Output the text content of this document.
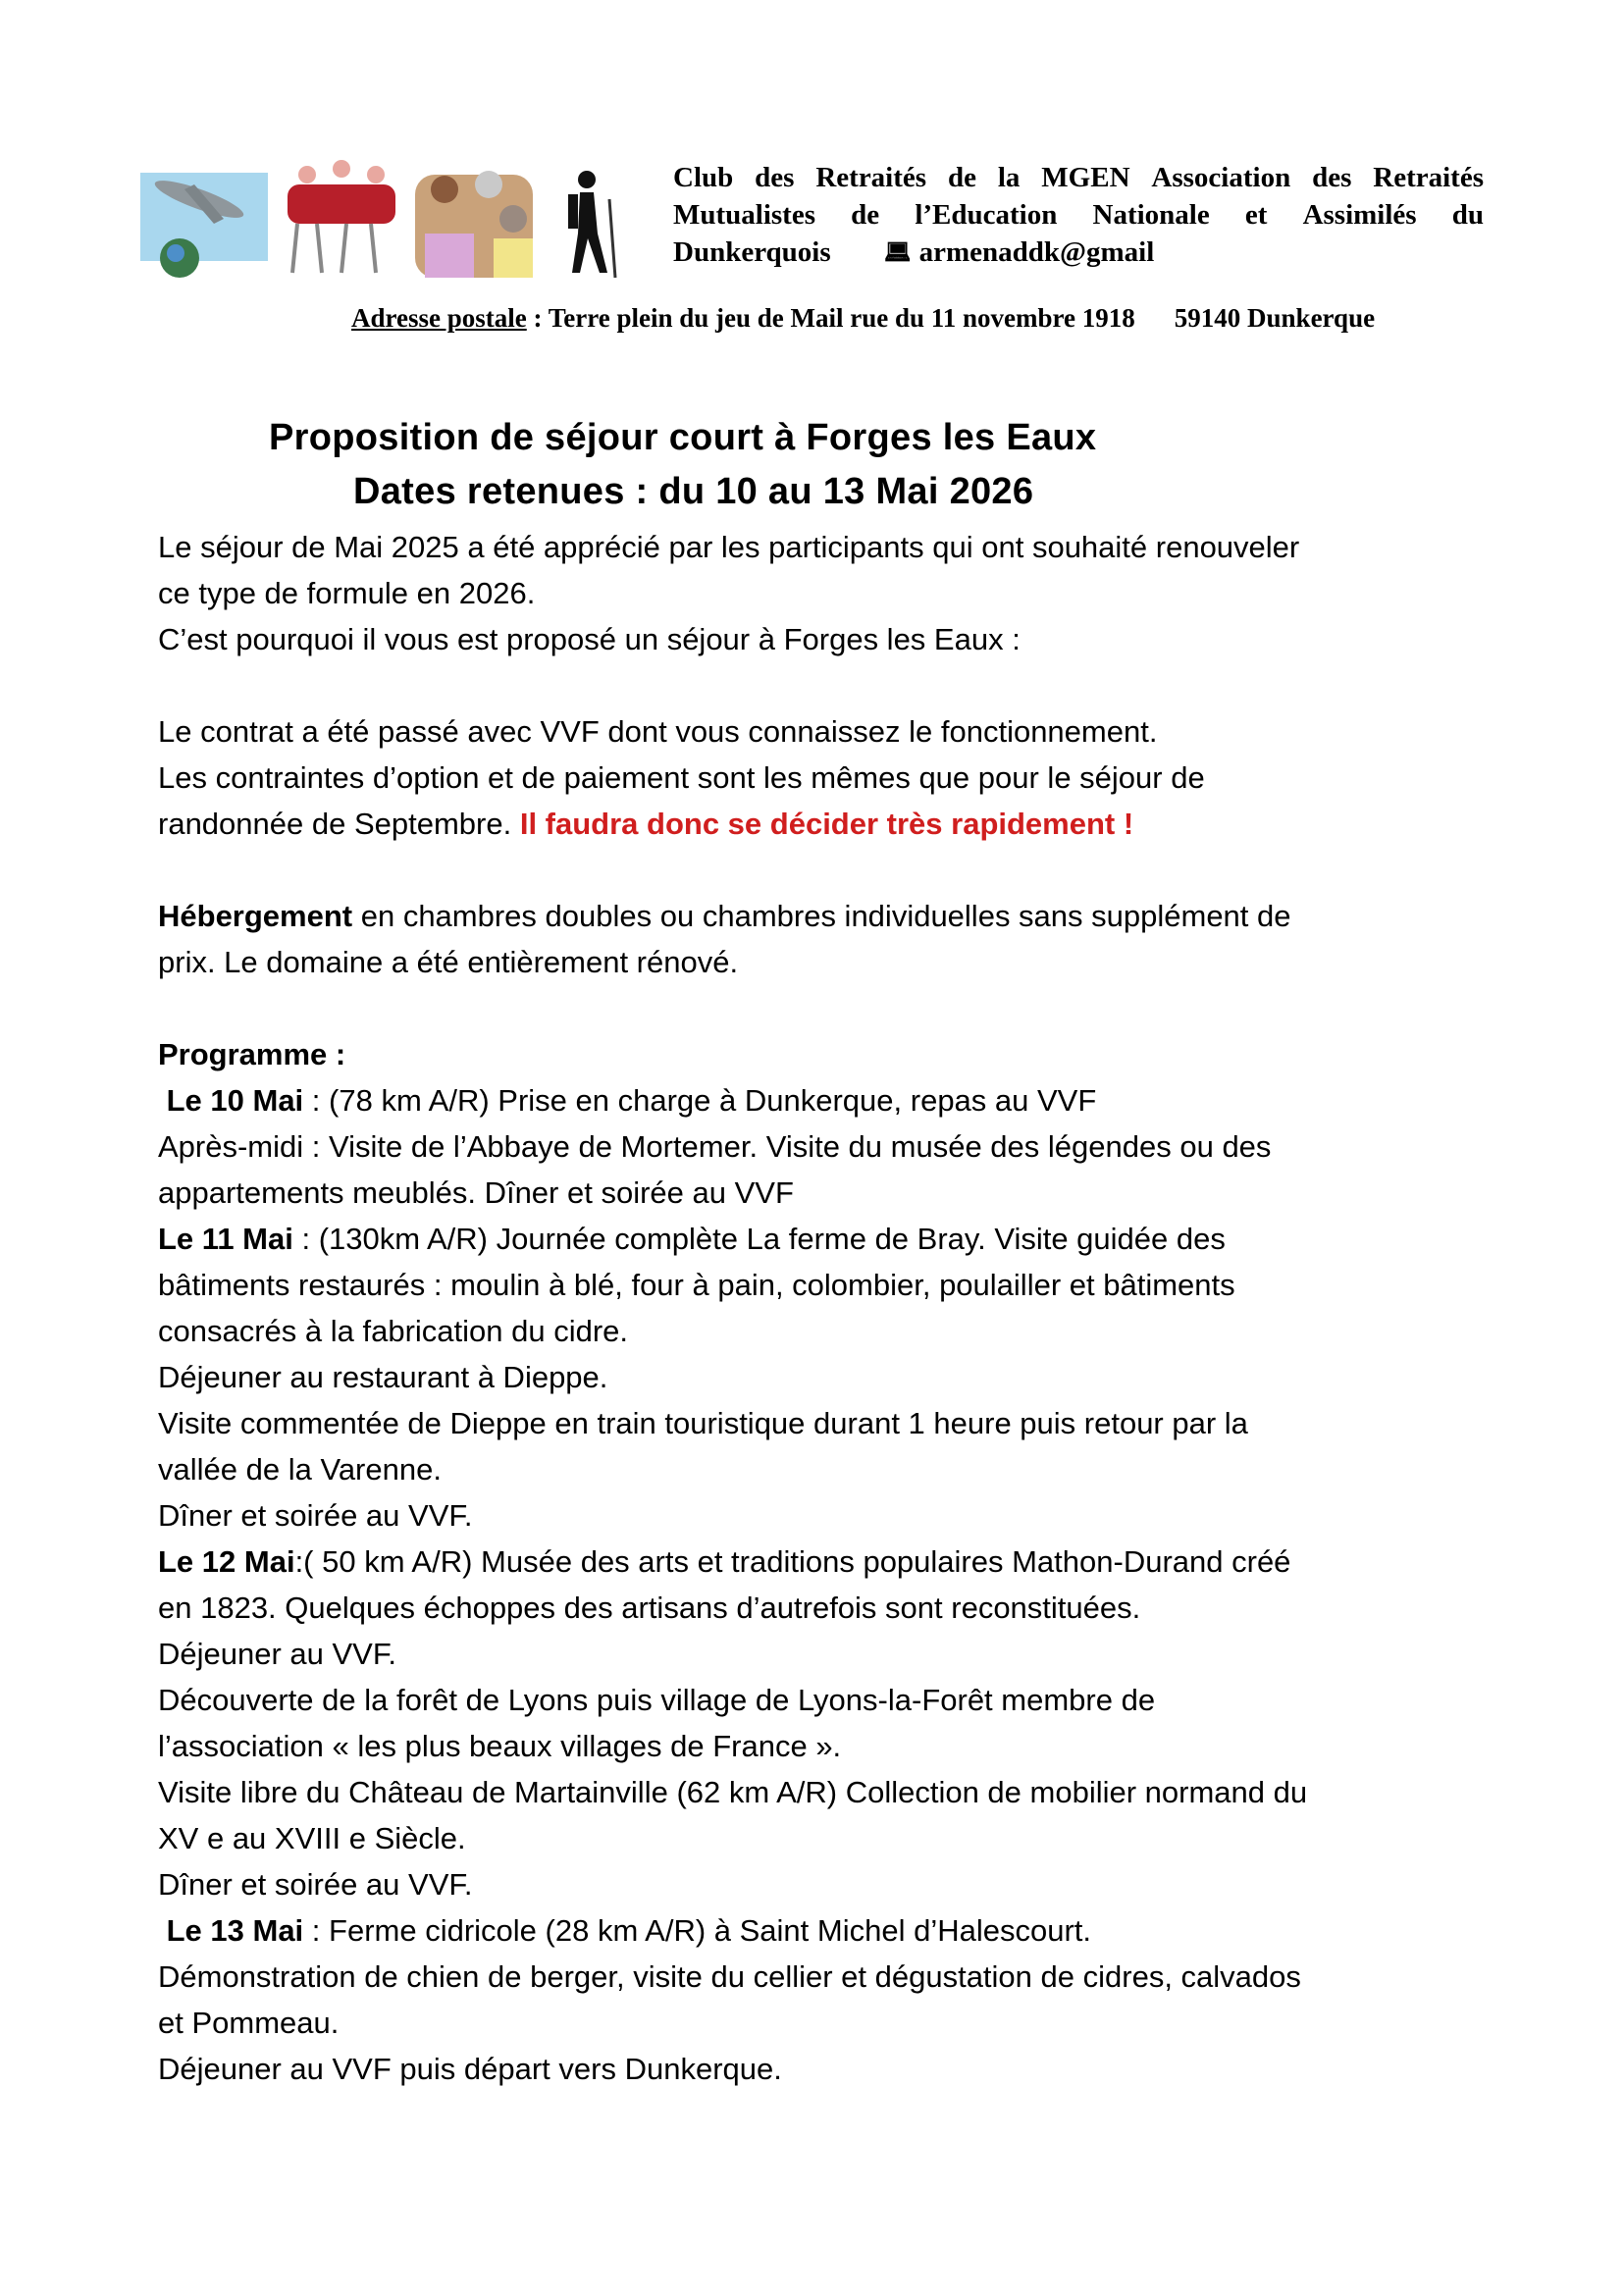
Club des Retraités de la MGEN Association des Retraités
Mutualistes de l’Education Nationale et Assimilés du
Dunkerquois 💻︎ armenaddk@gmail
Adresse postale : Terre plein du jeu de Mail rue du 11 novembre 1918 59140 Dunkerque
Proposition de séjour court à Forges les Eaux
Dates retenues : du 10 au 13 Mai 2026
Le séjour de Mai 2025 a été apprécié par les participants qui ont souhaité renouveler
ce type de formule en 2026.
C’est pourquoi il vous est proposé un séjour à Forges les Eaux :
Le contrat a été passé avec VVF dont vous connaissez le fonctionnement.
Les contraintes d’option et de paiement sont les mêmes que pour le séjour de
randonnée de Septembre. Il faudra donc se décider très rapidement !
Hébergement en chambres doubles ou chambres individuelles sans supplément de
prix. Le domaine a été entièrement rénové.
Programme :
Le 10 Mai : (78 km A/R) Prise en charge à Dunkerque, repas au VVF
Après-midi : Visite de l’Abbaye de Mortemer. Visite du musée des légendes ou des
appartements meublés. Dîner et soirée au VVF
Le 11 Mai : (130km A/R) Journée complète La ferme de Bray. Visite guidée des
bâtiments restaurés : moulin à blé, four à pain, colombier, poulailler et bâtiments
consacrés à la fabrication du cidre.
Déjeuner au restaurant à Dieppe.
Visite commentée de Dieppe en train touristique durant 1 heure puis retour par la
vallée de la Varenne.
Dîner et soirée au VVF.
Le 12 Mai:( 50 km A/R) Musée des arts et traditions populaires Mathon-Durand créé
en 1823. Quelques échoppes des artisans d’autrefois sont reconstituées.
Déjeuner au VVF.
Découverte de la forêt de Lyons puis village de Lyons-la-Forêt membre de
l’association « les plus beaux villages de France ».
Visite libre du Château de Martainville (62 km A/R) Collection de mobilier normand du
XV e au XVIII e Siècle.
Dîner et soirée au VVF.
Le 13 Mai : Ferme cidricole (28 km A/R) à Saint Michel d’Halescourt.
Démonstration de chien de berger, visite du cellier et dégustation de cidres, calvados
et Pommeau.
Déjeuner au VVF puis départ vers Dunkerque.
